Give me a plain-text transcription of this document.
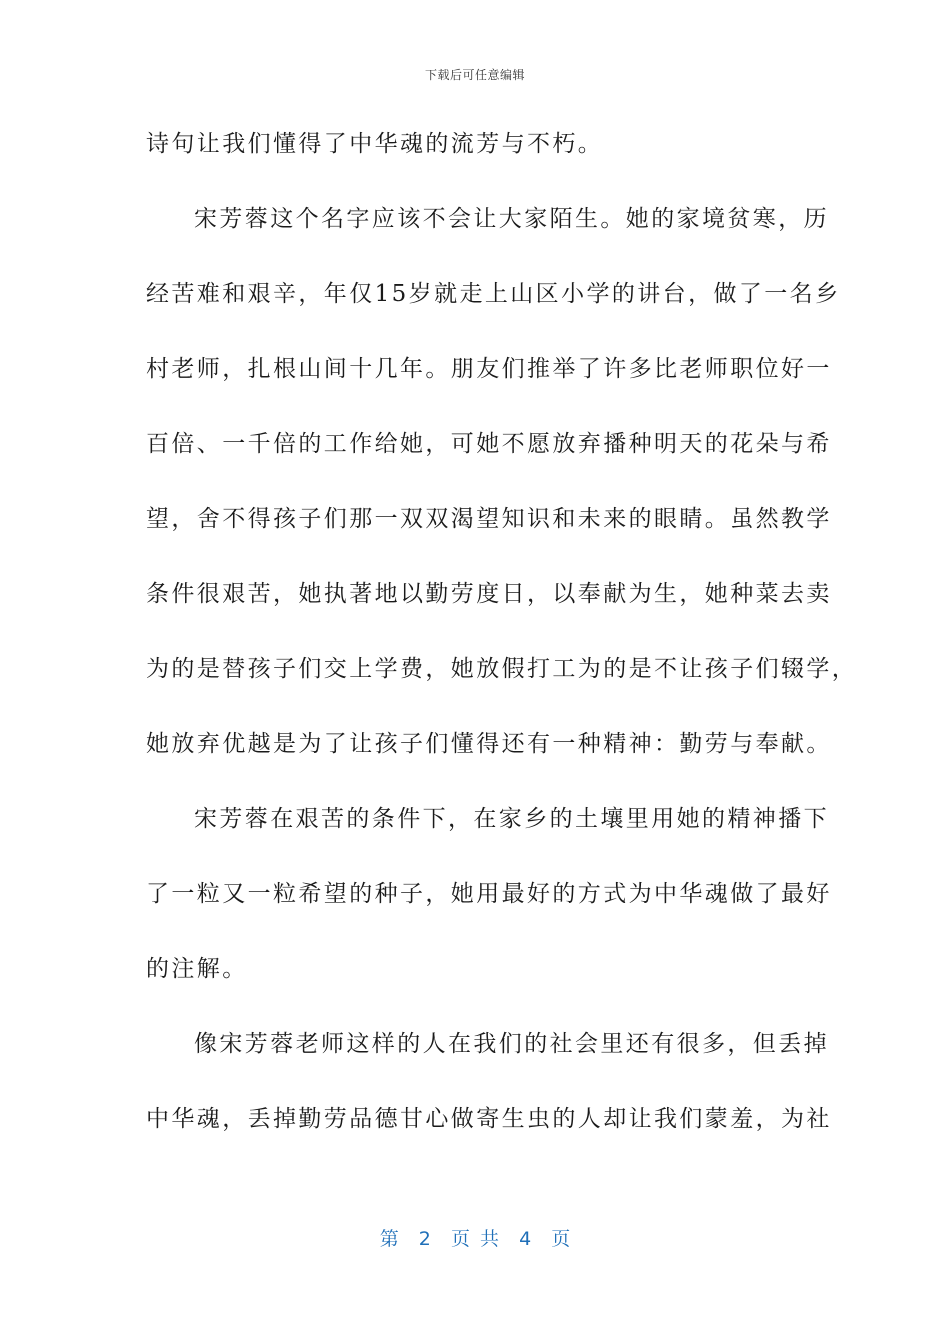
下载后可任意编辑
诗句让我们懂得了中华魂的流芳与不朽。
宋芳蓉这个名字应该不会让大家陌生。她的家境贫寒，历
经苦难和艰辛，年仅15岁就走上山区小学的讲台，做了一名乡
村老师，扎根山间十几年。朋友们推举了许多比老师职位好一
百倍、一千倍的工作给她，可她不愿放弃播种明天的花朵与希
望，舍不得孩子们那一双双渴望知识和未来的眼睛。虽然教学
条件很艰苦，她执著地以勤劳度日，以奉献为生，她种菜去卖
为的是替孩子们交上学费，她放假打工为的是不让孩子们辍学，
她放弃优越是为了让孩子们懂得还有一种精神：勤劳与奉献。
宋芳蓉在艰苦的条件下，在家乡的土壤里用她的精神播下
了一粒又一粒希望的种子，她用最好的方式为中华魂做了最好
的注解。
像宋芳蓉老师这样的人在我们的社会里还有很多，但丢掉
中华魂，丢掉勤劳品德甘心做寄生虫的人却让我们蒙羞，为社
第  2  页 共  4  页
